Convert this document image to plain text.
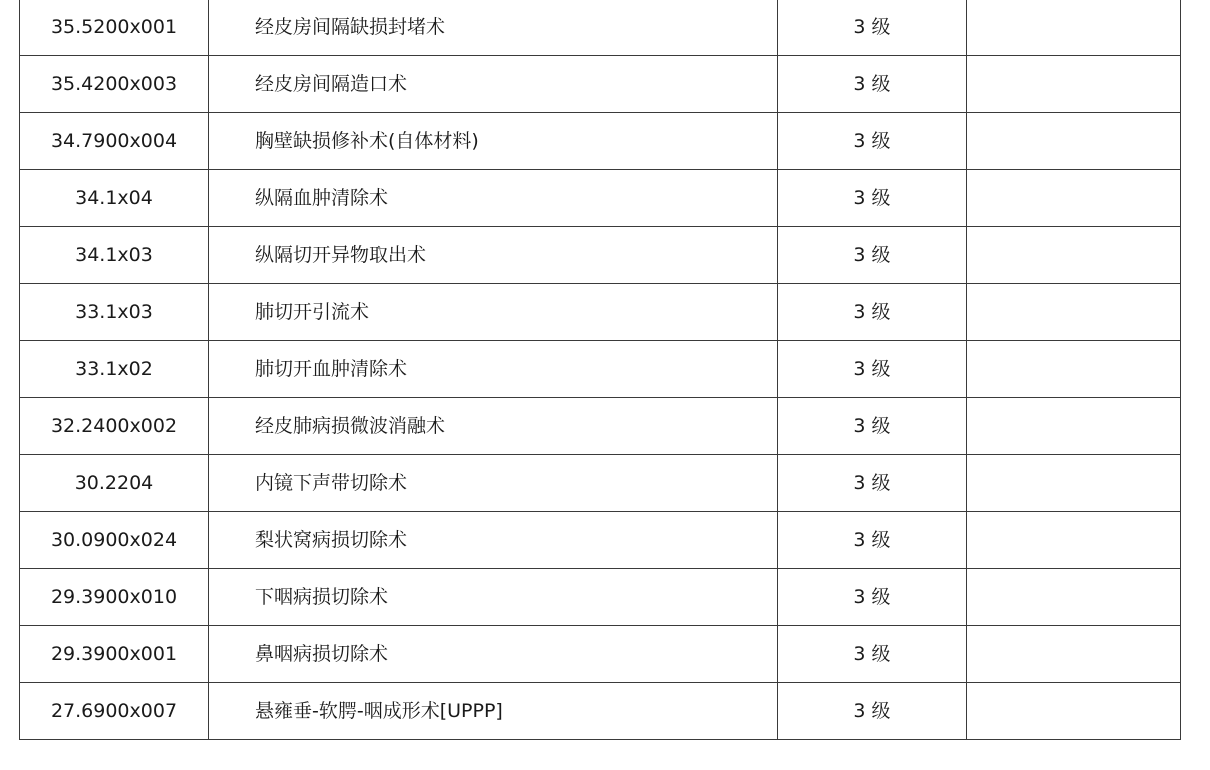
35.5200x001	经皮房间隔缺损封堵术	3 级	
35.4200x003	经皮房间隔造口术	3 级	
34.7900x004	胸壁缺损修补术(自体材料)	3 级	
34.1x04	纵隔血肿清除术	3 级	
34.1x03	纵隔切开异物取出术	3 级	
33.1x03	肺切开引流术	3 级	
33.1x02	肺切开血肿清除术	3 级	
32.2400x002	经皮肺病损微波消融术	3 级	
30.2204	内镜下声带切除术	3 级	
30.0900x024	梨状窝病损切除术	3 级	
29.3900x010	下咽病损切除术	3 级	
29.3900x001	鼻咽病损切除术	3 级	
27.6900x007	悬雍垂-软腭-咽成形术[UPPP]	3 级	
